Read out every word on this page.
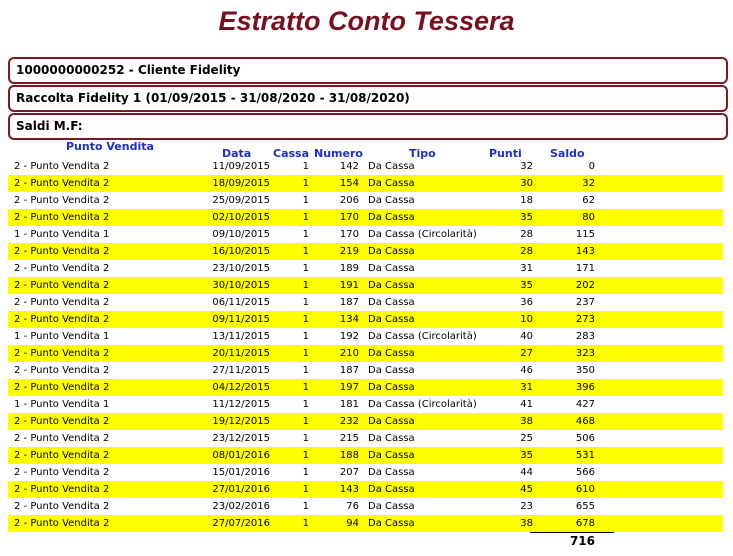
Estratto Conto Tessera
1000000000252 - Cliente Fidelity
Raccolta Fidelity 1 (01/09/2015 - 31/08/2020 - 31/08/2020)
Saldi M.F:
Punto Vendita
Data Cassa Numero	Tipo	Punti	Saldo
2 - Punto Vendita 2	11/09/2015	1	142 Da Cassa	32	0
2 - Punto Vendita 2	18/09/2015	1	154 Da Cassa	30	32
2 - Punto Vendita 2	25/09/2015	1	206 Da Cassa	18	62
2 - Punto Vendita 2	02/10/2015	1	170 Da Cassa	35	80
1 - Punto Vendita 1	09/10/2015	1	170 Da Cassa (Circolarità)	28	115
2 - Punto Vendita 2	16/10/2015	1	219 Da Cassa	28	143
2 - Punto Vendita 2	23/10/2015	1	189 Da Cassa	31	171
2 - Punto Vendita 2	30/10/2015	1	191 Da Cassa	35	202
2 - Punto Vendita 2	06/11/2015	1	187 Da Cassa	36	237
2 - Punto Vendita 2	09/11/2015	1	134 Da Cassa	10	273
1 - Punto Vendita 1	13/11/2015	1	192 Da Cassa (Circolarità)	40	283
2 - Punto Vendita 2	20/11/2015	1	210 Da Cassa	27	323
2 - Punto Vendita 2	27/11/2015	1	187 Da Cassa	46	350
2 - Punto Vendita 2	04/12/2015	1	197 Da Cassa	31	396
1 - Punto Vendita 1	11/12/2015	1	181 Da Cassa (Circolarità)	41	427
2 - Punto Vendita 2	19/12/2015	1	232 Da Cassa	38	468
2 - Punto Vendita 2	23/12/2015	1	215 Da Cassa	25	506
2 - Punto Vendita 2	08/01/2016	1	188 Da Cassa	35	531
2 - Punto Vendita 2	15/01/2016	1	207 Da Cassa	44	566
2 - Punto Vendita 2	27/01/2016	1	143 Da Cassa	45	610
2 - Punto Vendita 2	23/02/2016	1	76 Da Cassa	23	655
2 - Punto Vendita 2	27/07/2016	1	94 Da Cassa	38	678
716
